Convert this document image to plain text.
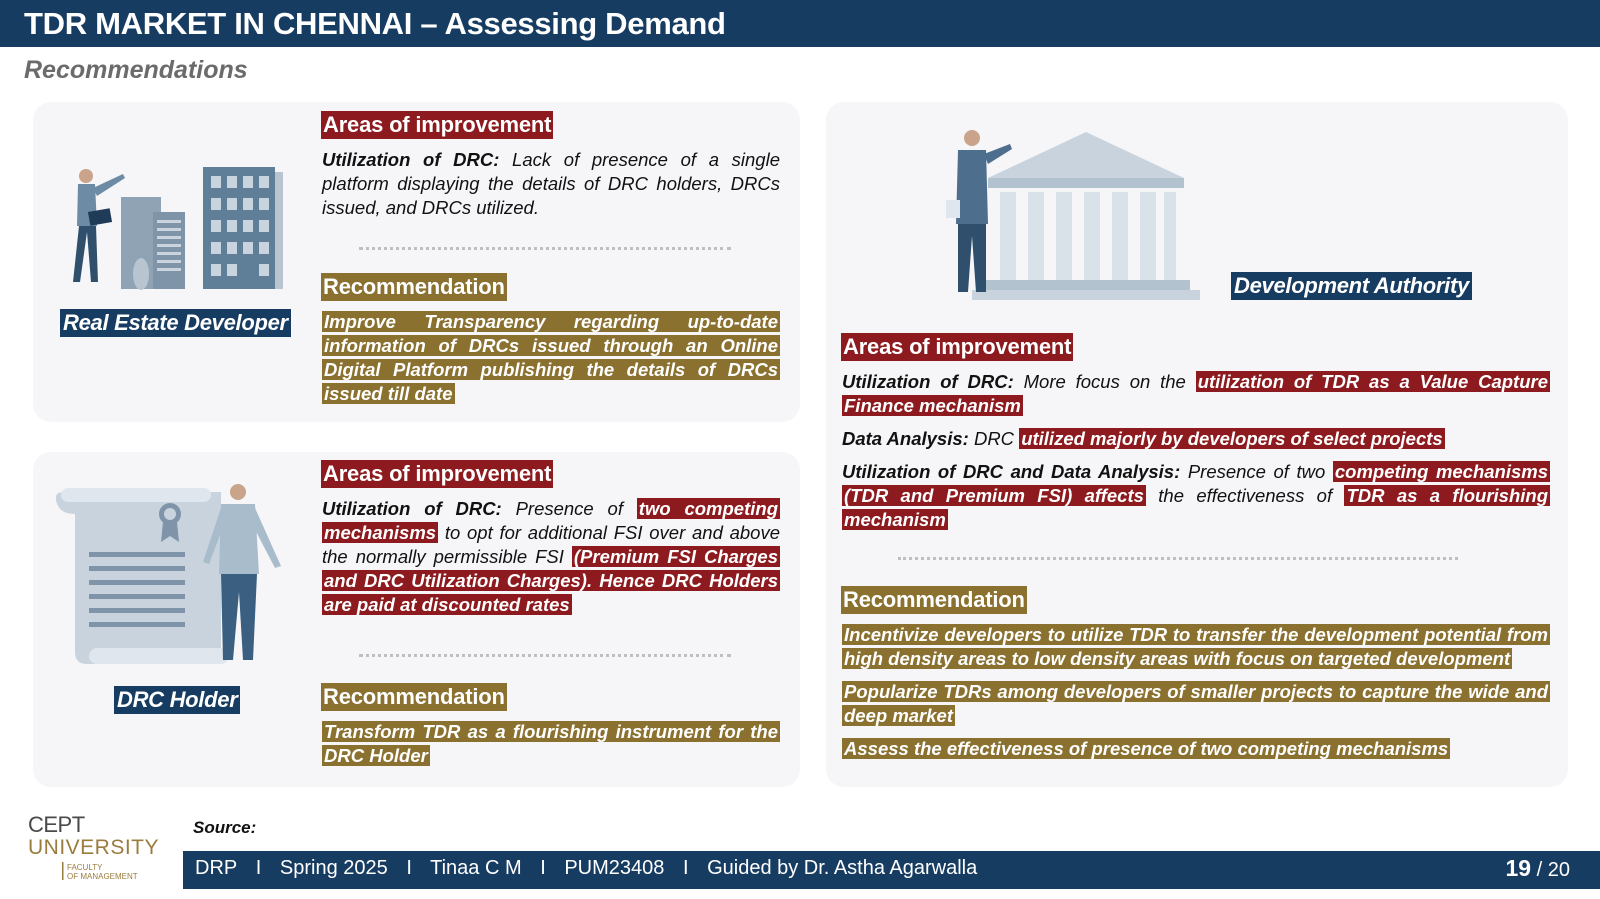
TDR MARKET IN CHENNAI – Assessing Demand
Recommendations
Real Estate Developer
Areas of improvement

Utilization of DRC: Lack of presence of a single platform displaying the details of DRC holders, DRCs issued, and DRCs utilized.

Recommendation

Improve Transparency regarding up-to-date information of DRCs issued through an Online Digital Platform publishing the details of DRCs issued till date

DRC Holder
Areas of improvement

Utilization of DRC: Presence of two competing mechanisms to opt for additional FSI over and above the normally permissible FSI (Premium FSI Charges and DRC Utilization Charges). Hence DRC Holders are paid at discounted rates

Recommendation

Transform TDR as a flourishing instrument for the DRC Holder

Development Authority
Areas of improvement

Utilization of DRC: More focus on the utilization of TDR as a Value Capture Finance mechanism

Data Analysis: DRC utilized majorly by developers of select projects

Utilization of DRC and Data Analysis: Presence of two competing mechanisms (TDR and Premium FSI) affects the effectiveness of TDR as a flourishing mechanism

Recommendation

Incentivize developers to utilize TDR to transfer the development potential from high density areas to low density areas with focus on targeted development

Popularize TDRs among developers of smaller projects to capture the wide and deep market

Assess the effectiveness of presence of two competing mechanisms

Source:
CEPT
UNIVERSITY
FACULTY
OF MANAGEMENT	DRP I Spring 2025 I Tinaa C M I PUM23408 I Guided by Dr. Astha Agarwalla	19 / 20
